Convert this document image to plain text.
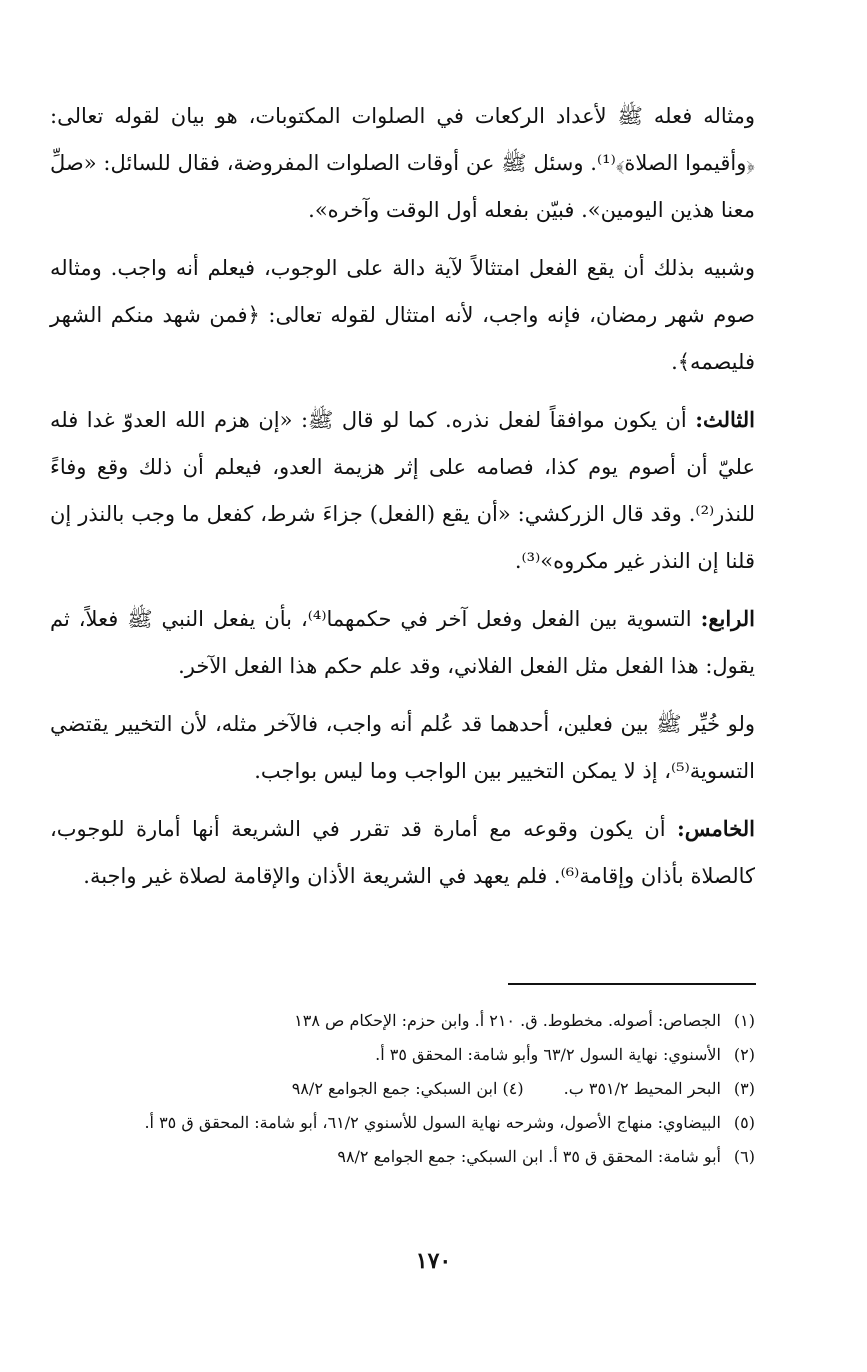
ومثاله فعله ﷺ لأعداد الركعات في الصلوات المكتوبات، هو بيان لقوله تعالى: ﴿وأقيموا الصلاة﴾⁽¹⁾. وسئل ﷺ عن أوقات الصلوات المفروضة، فقال للسائل: «صلِّ معنا هذين اليومين». فبيّن بفعله أول الوقت وآخره».

وشبيه بذلك أن يقع الفعل امتثالاً لآية دالة على الوجوب، فيعلم أنه واجب. ومثاله صوم شهر رمضان، فإنه واجب، لأنه امتثال لقوله تعالى: ﴿فمن شهد منكم الشهر فليصمه﴾.

الثالث: أن يكون موافقاً لفعل نذره. كما لو قال ﷺ: «إن هزم الله العدوّ غدا فله عليّ أن أصوم يوم كذا، فصامه على إثر هزيمة العدو، فيعلم أن ذلك وقع وفاءً للنذر⁽²⁾. وقد قال الزركشي: «أن يقع (الفعل) جزاءَ شرط، كفعل ما وجب بالنذر إن قلنا إن النذر غير مكروه»⁽³⁾.

الرابع: التسوية بين الفعل وفعل آخر في حكمهما⁽⁴⁾، بأن يفعل النبي ﷺ فعلاً، ثم يقول: هذا الفعل مثل الفعل الفلاني، وقد علم حكم هذا الفعل الآخر.

ولو خُيِّر ﷺ بين فعلين، أحدهما قد عُلم أنه واجب، فالآخر مثله، لأن التخيير يقتضي التسوية⁽⁵⁾، إذ لا يمكن التخيير بين الواجب وما ليس بواجب.

الخامس: أن يكون وقوعه مع أمارة قد تقرر في الشريعة أنها أمارة للوجوب، كالصلاة بأذان وإقامة⁽⁶⁾. فلم يعهد في الشريعة الأذان والإقامة لصلاة غير واجبة.

(١)
الجصاص: أصوله. مخطوط. ق. ٢١٠ أ. وابن حزم: الإحكام ص ١٣٨
(٢)
الأسنوي: نهاية السول ٦٣/٢ وأبو شامة: المحقق ٣٥ أ.
(٣)
البحر المحيط ٣٥١/٢ ب.
(٤) ابن السبكي: جمع الجوامع ٩٨/٢
(٥)
البيضاوي: منهاج الأصول، وشرحه نهاية السول للأسنوي ٦١/٢، أبو شامة: المحقق ق ٣٥ أ.
(٦)
أبو شامة: المحقق ق ٣٥ أ. ابن السبكي: جمع الجوامع ٩٨/٢
١٧٠
